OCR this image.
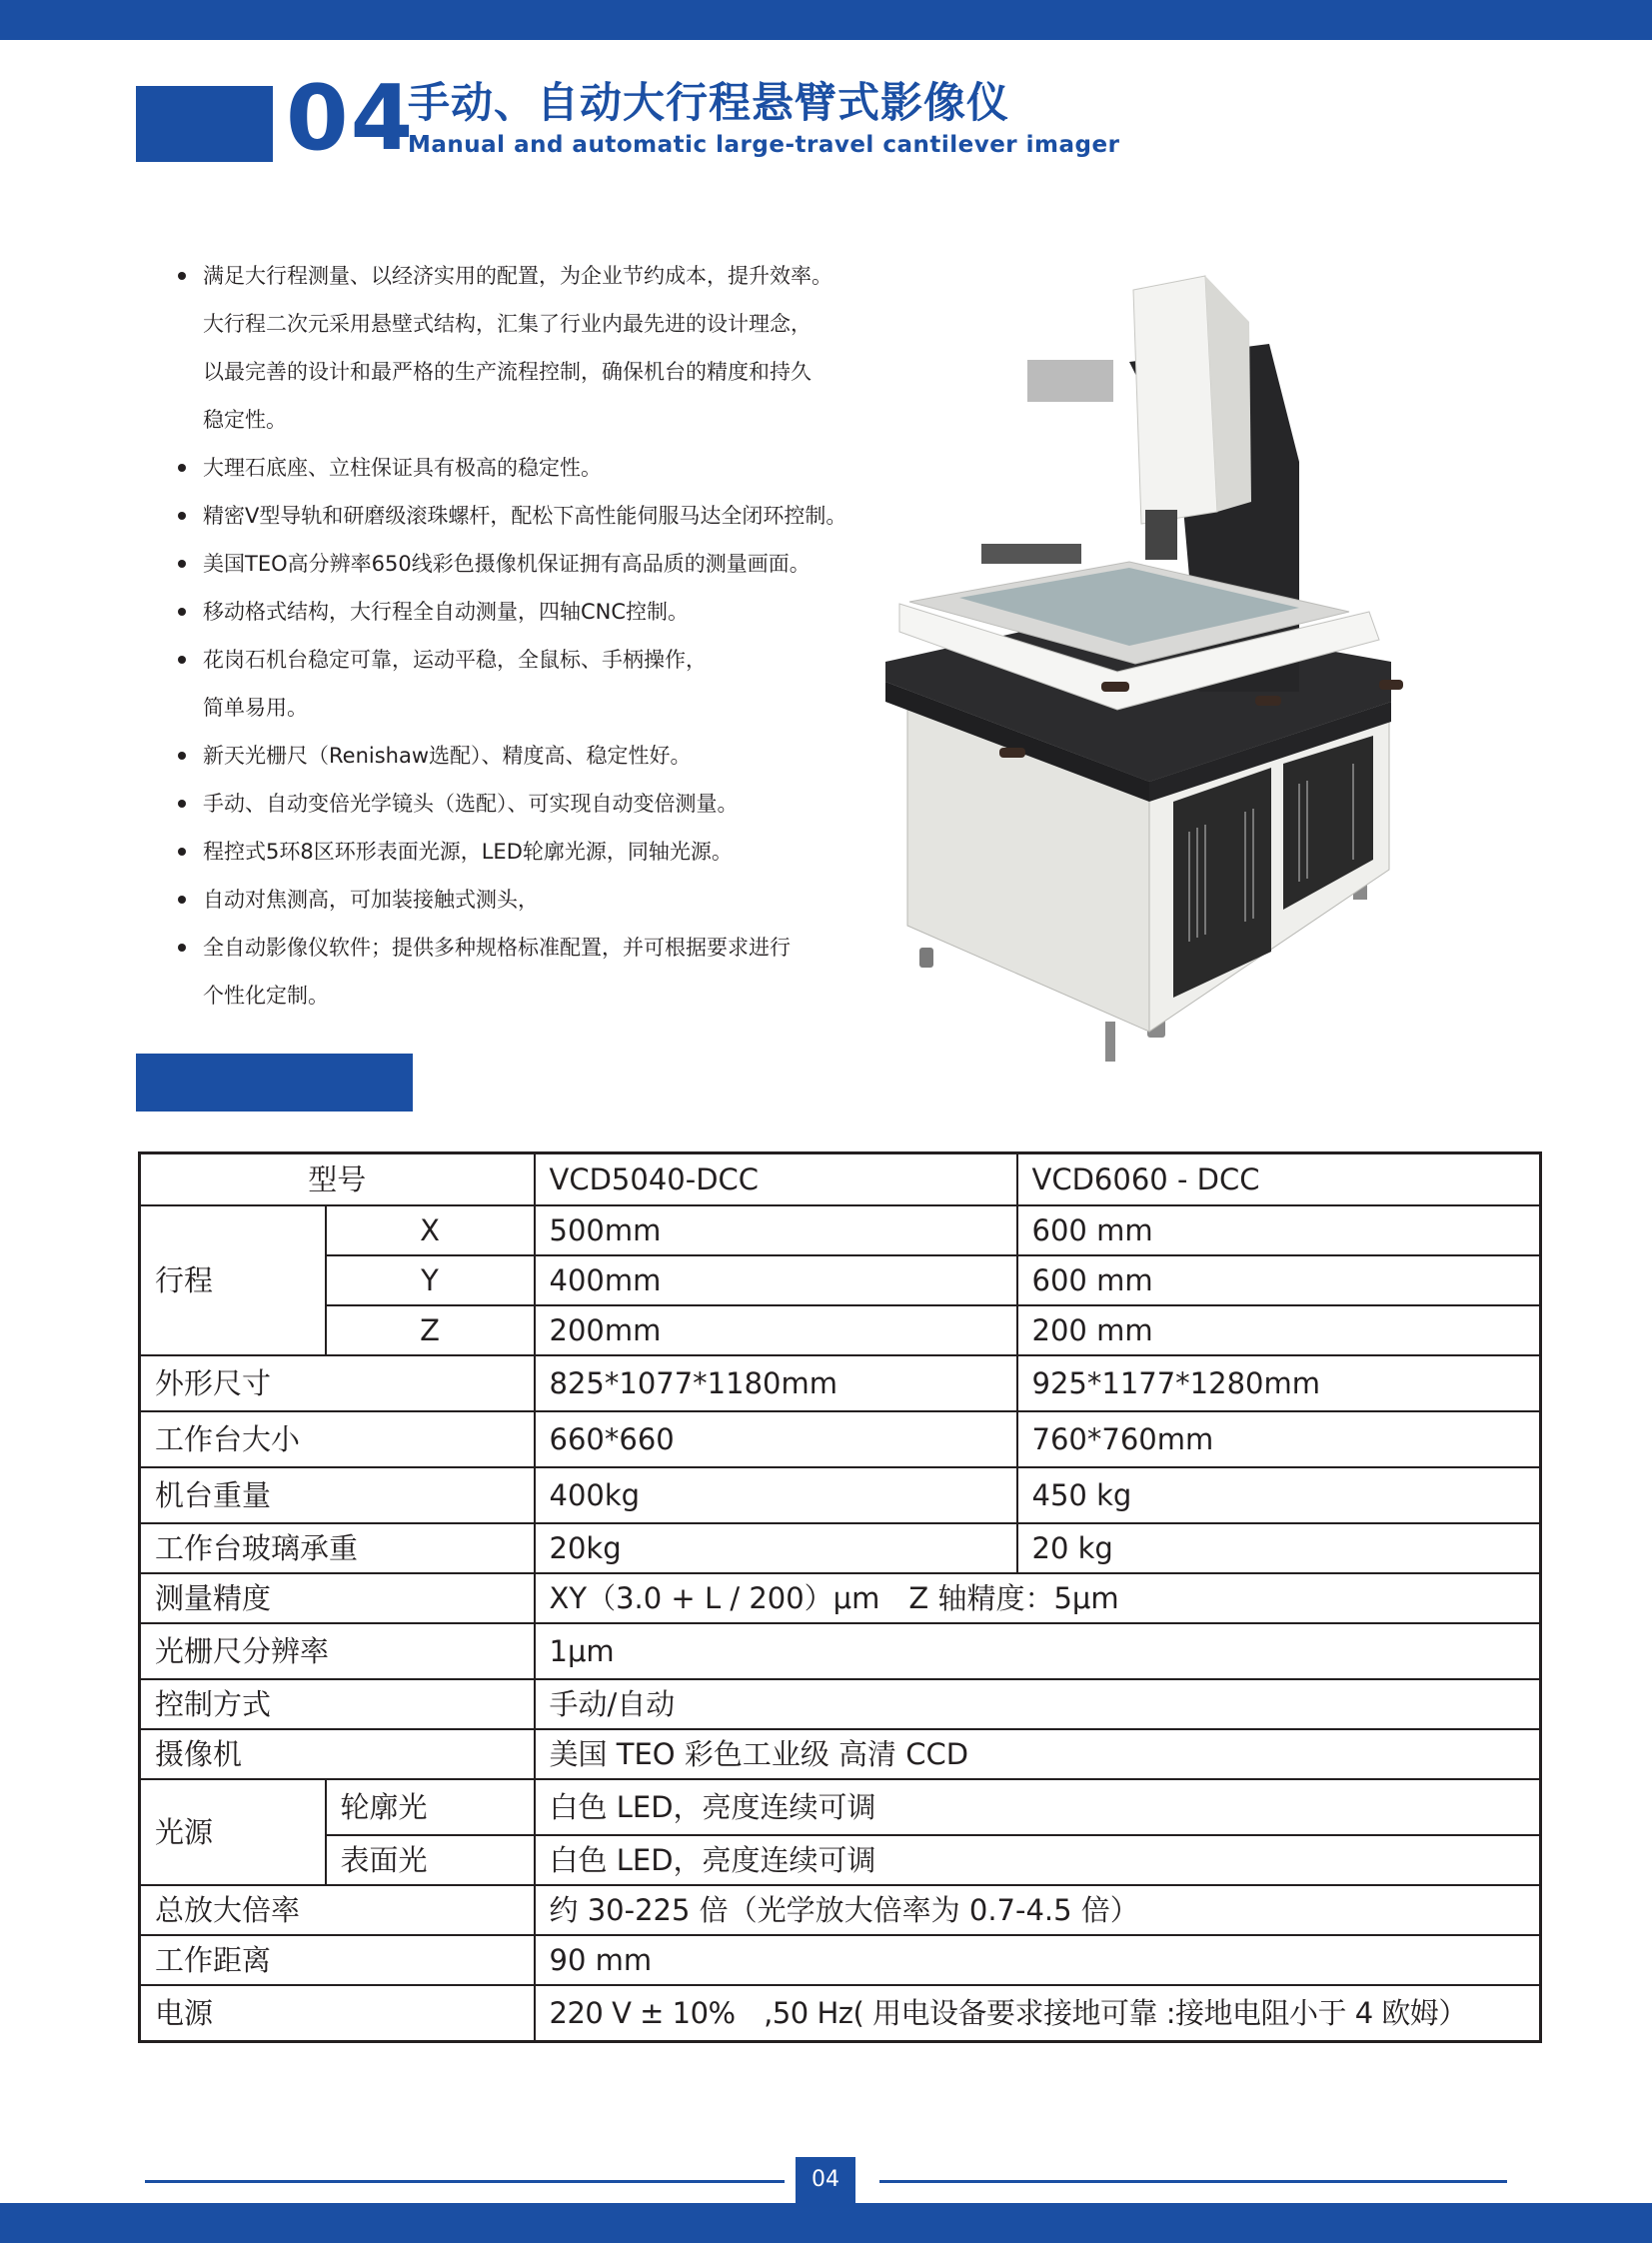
04
手动、自动大行程悬臂式影像仪
Manual and automatic large-travel cantilever imager
满足大行程测量、以经济实用的配置，为企业节约成本，提升效率。
大行程二次元采用悬壁式结构，汇集了行业内最先进的设计理念，
以最完善的设计和最严格的生产流程控制，确保机台的精度和持久
稳定性。
大理石底座、立柱保证具有极高的稳定性。
精密V型导轨和研磨级滚珠螺杆，配松下高性能伺服马达全闭环控制。
美国TEO高分辨率650线彩色摄像机保证拥有高品质的测量画面。
移动格式结构，大行程全自动测量，四轴CNC控制。
花岗石机台稳定可靠，运动平稳，全鼠标、手柄操作，
简单易用。
新天光栅尺（Renishaw选配）、精度高、稳定性好。
手动、自动变倍光学镜头（选配）、可实现自动变倍测量。
程控式5环8区环形表面光源，LED轮廓光源，同轴光源。
自动对焦测高，可加装接触式测头，
全自动影像仪软件；提供多种规格标准配置，并可根据要求进行
个性化定制。
型号		VCD5040-DCC	VCD6060 - DCC
行程	X	500mm	600 mm
	Y	400mm	600 mm
	Z	200mm	200 mm
外形尺寸		825*1077*1180mm	925*1177*1280mm
工作台大小		660*660	760*760mm
机台重量		400kg	450 kg
工作台玻璃承重		20kg	20 kg
测量精度		XY（3.0 + L / 200）μm　Z 轴精度：5μm	
光栅尺分辨率		1μm	
控制方式		手动/自动	
摄像机		美国 TEO 彩色工业级 高清 CCD	
光源	轮廓光	白色 LED，亮度连续可调	
	表面光	白色 LED，亮度连续可调	
总放大倍率		约 30-225 倍（光学放大倍率为 0.7-4.5 倍）	
工作距离		90 mm	
电源		220 V ± 10%　,50 Hz( 用电设备要求接地可靠 :接地电阻小于 4 欧姆）	
04
